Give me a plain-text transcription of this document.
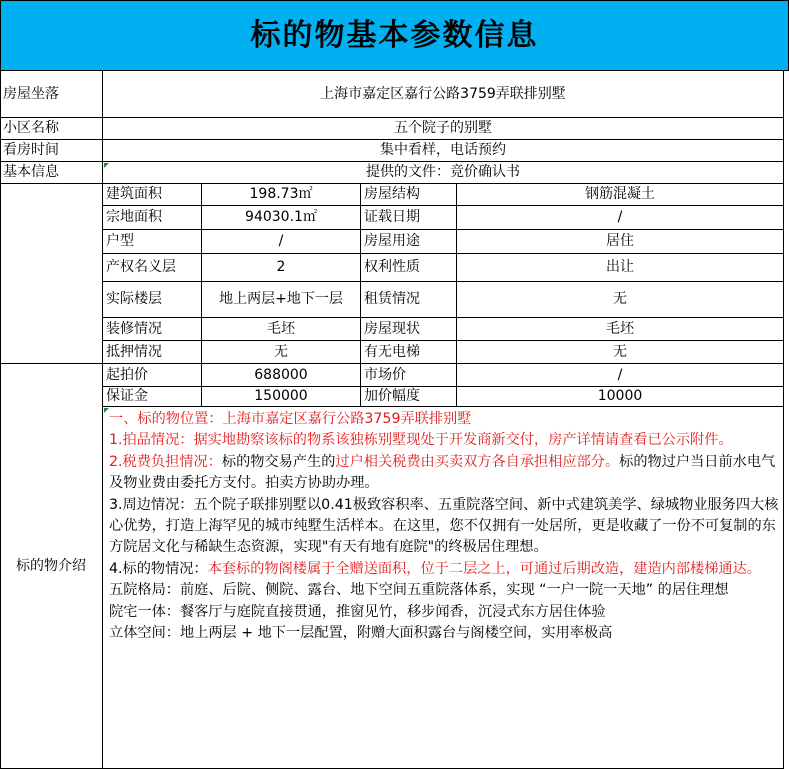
标的物基本参数信息
房屋坐落	上海市嘉定区嘉行公路3759弄联排别墅
小区名称	五个院子的别墅
看房时间	集中看样，电话预约
基本信息	提供的文件：竞价确认书
建筑面积	198.73㎡	房屋结构	钢筋混凝土
宗地面积	94030.1㎡	证载日期	/
户型	/	房屋用途	居住
产权名义层	2	权利性质	出让
实际楼层	地上两层+地下一层	租赁情况	无
装修情况	毛坯	房屋现状	毛坯
抵押情况	无	有无电梯	无
起拍价	688000	市场价	/
保证金	150000	加价幅度	10000
标的物介绍

一、标的物位置：上海市嘉定区嘉行公路3759弄联排别墅

1.拍品情况：据实地勘察该标的物系该独栋别墅现处于开发商新交付，房产详情请查看已公示附件。

2.税费负担情况：标的物交易产生的过户相关税费由买卖双方各自承担相应部分。标的物过户当日前水电气及物业费由委托方支付。拍卖方协助办理。

3.周边情况：五个院子联排别墅以0.41极致容积率、五重院落空间、新中式建筑美学、绿城物业服务四大核心优势，打造上海罕见的城市纯墅生活样本。在这里，您不仅拥有一处居所，更是收藏了一份不可复制的东方院居文化与稀缺生态资源，实现"有天有地有庭院"的终极居住理想。

4.标的物情况：本套标的物阁楼属于全赠送面积，位于二层之上，可通过后期改造，建造内部楼梯通达。

五院格局：前庭、后院、侧院、露台、地下空间五重院落体系，实现 “一户一院一天地” 的居住理想

院宅一体：餐客厅与庭院直接贯通，推窗见竹，移步闻香，沉浸式东方居住体验

立体空间：地上两层 + 地下一层配置，附赠大面积露台与阁楼空间，实用率极高
